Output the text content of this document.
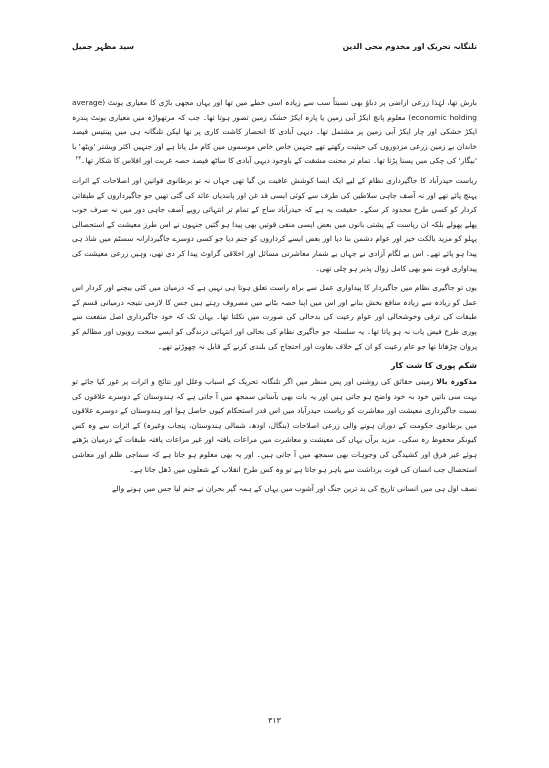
تلنگانہ تحریک اور مخدوم محی الدین
سید مظہر جمیل

بارش تھا، لہٰذا زرعی اراضی پر دباؤ بھی نسبتاً سب سے زیادہ اسی خطے میں تھا اور یہاں مجھی باڑی کا معیاری یونٹ (average economic holding) معلوم پانچ ایکڑ آبی زمین یا پارہ ایکڑ خشک زمین تصور ہوتا تھا۔ جب کہ مرتھواڑہ میں معیاری یونٹ پندرہ ایکڑ خشکی اور چار ایکڑ آبی زمین پر مشتمل تھا۔ دیہی آبادی کا انحصار کاشت کاری پر تھا لیکن تلنگانہ ہی میں پینتیس فیصد خاندان بے زمین زرعی مزدوروں کی حیثیت رکھتے تھے جنہیں خاص خاص موسموں میں کام مل پاتا ہے اور جنہیں اکثر ویشتر 'ویٹھ' یا 'بیگار' کی چکی میں پسنا پڑتا تھا۔ تمام تر محنت مشقت کے باوجود دیہی آبادی کا ساٹھ فیصد حصہ غربت اور افلاس کا شکار تھا۔$^{۲۳}$

ریاست حیدرآباد کا جاگیرداری نظام کے لیے ایک ایسا کوشش عافیت بن گیا تھی جہاں نہ تو برطانوی قوانین اور اصلاحات کے اثرات پہنچ پائے تھے اور نہ آصف جاہی سلاطین کی طرف سے کوئی ایسی قد غن اور پابندیاں عائد کی گئی تھیں جو جاگیرداروں کے طبقاتی کردار کو کسی طرح محدود کر سکے۔ حقیقت یہ ہے کہ حیدرآباد ساج کے تمام تر انتہائی رویے آصف جاہی دور میں نہ صرف خوب پھلے پھولے بلکہ ان ریاست کے پشتی بانوں میں بعض ایسی منفی قوتیں بھی پیدا ہو گئیں جنہوں نے اس طرز معیشت کے استحصالی پہلو کو مزید بالکت خیز اور عوام دشمن بنا دیا اور بعض ایسے کرداروں کو جنم دیا جو کسی دوسرے جاگیردارانہ سسٹم میں شاذ ہی پیدا ہو پائے تھے۔ اس بے لگام آزادی نے جہاں بے شمار معاشرتی مسائل اور اخلاقی گراوٹ پیدا کر دی تھی، وہیں زرعی معیشت کی پیداواری قوت نمو بھی کامل زوال پذیر ہو چلی تھی۔

یوں تو جاگیری نظام میں جاگیردار کا پیداواری عمل سے براہ راست تعلق ہوتا ہی نہیں ہے کہ درمیان میں کئی بیچنے اور کردار اس عمل کو زیادہ سے زیادہ منافع بخش بنانے اور اس میں اپنا حصہ بٹانے میں مصروف رہتے ہیں جس کا لازمی نتیجہ درمیانی قسم کے طبقات کی ترقی وخوشحالی اور عوام رعیت کی بدحالی کی صورت میں نکلتا تھا۔ یہاں تک کہ خود جاگیرداری اصل منفعت سے پوری طرح فیض یاب نہ ہو پاتا تھا۔ یہ سلسلہ جو جاگیری نظام کی بحالی اور انتہائی درندگی کو ایسے سخت رویوں اور مظالم کو پروان چڑھاتا تھا جو عام رعیت کو ان کے خلاف بغاوت اور احتجاج کی بلندی کرنے کے قابل نہ چھوڑتے تھے۔

شکم پوری کا شت کار

مذکورہ بالا زمینی حقائق کی روشنی اور پس منظر میں اگر تلنگانہ تحریک کے اسباب وعلل اور نتائج و اثرات پر غور کیا جائے تو بہت سی باتیں خود بہ خود واضح ہو جاتی ہیں اور یہ بات بھی بآسانی سمجھ میں آ جاتی ہے کہ ہندوستان کے دوسرے علاقوں کی نسبت جاگیرداری معیشت اور معاشرت کو ریاست حیدرآباد میں اس قدر استحکام کیوں حاصل ہوا اور ہندوستان کے دوسرے علاقوں میں برطانوی حکومت کے دوران ہونے والی زرعی اصلاحات (بنگال، اودھ، شمالی ہندوستان، پنجاب وغیرہ) کے اثرات سے وہ کس کیونکر محفوظ رہ سکی۔ مزید برآں یہاں کی معیشت و معاشرت میں مراعات یافتہ اور غیر مراعات یافتہ طبقات کے درمیان بڑھتے ہوئے غیر فرق اور کشیدگی کی وجوہات بھی سمجھ میں آ جاتی ہیں۔ اور یہ بھی معلوم ہو جاتا ہے کہ سماجی ظلم اور معاشی استحصال جب انسان کی قوت برداشت سے باہر ہو جاتا ہے تو وہ کس طرح انقلاب کے شعلوں میں ڈھل جاتا ہے۔

نصف اول ہی میں انسانی تاریخ کی بد ترین جنگ اور آشوب میں یہاں کے ہمہ گیر بحران نے جنم لیا جس میں ہونے والے

۳۱۳
